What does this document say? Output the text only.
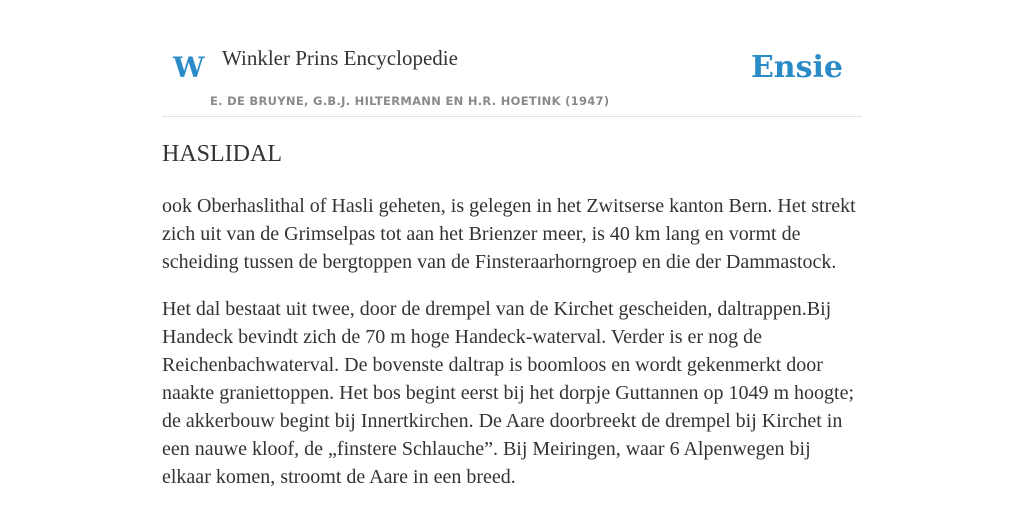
W Winkler Prins Encyclopedie
E. DE BRUYNE, G.B.J. HILTERMANN EN H.R. HOETINK (1947)
Ensie
HASLIDAL

ook Oberhaslithal of Hasli geheten, is gelegen in het Zwitserse kanton Bern. Het strekt zich uit van de Grimselpas tot aan het Brienzer meer, is 40 km lang en vormt de scheiding tussen de bergtoppen van de Finsteraarhorngroep en die der Dammastock.

Het dal bestaat uit twee, door de drempel van de Kirchet gescheiden, daltrappen.Bij Handeck bevindt zich de 70 m hoge Handeck-waterval. Verder is er nog de Reichenbachwaterval. De bovenste daltrap is boomloos en wordt gekenmerkt door naakte graniettoppen. Het bos begint eerst bij het dorpje Guttannen op 1049 m hoogte; de akkerbouw begint bij Innertkirchen. De Aare doorbreekt de drempel bij Kirchet in een nauwe kloof, de „finstere Schlauche”. Bij Meiringen, waar 6 Alpenwegen bij elkaar komen, stroomt de Aare in een breed.
